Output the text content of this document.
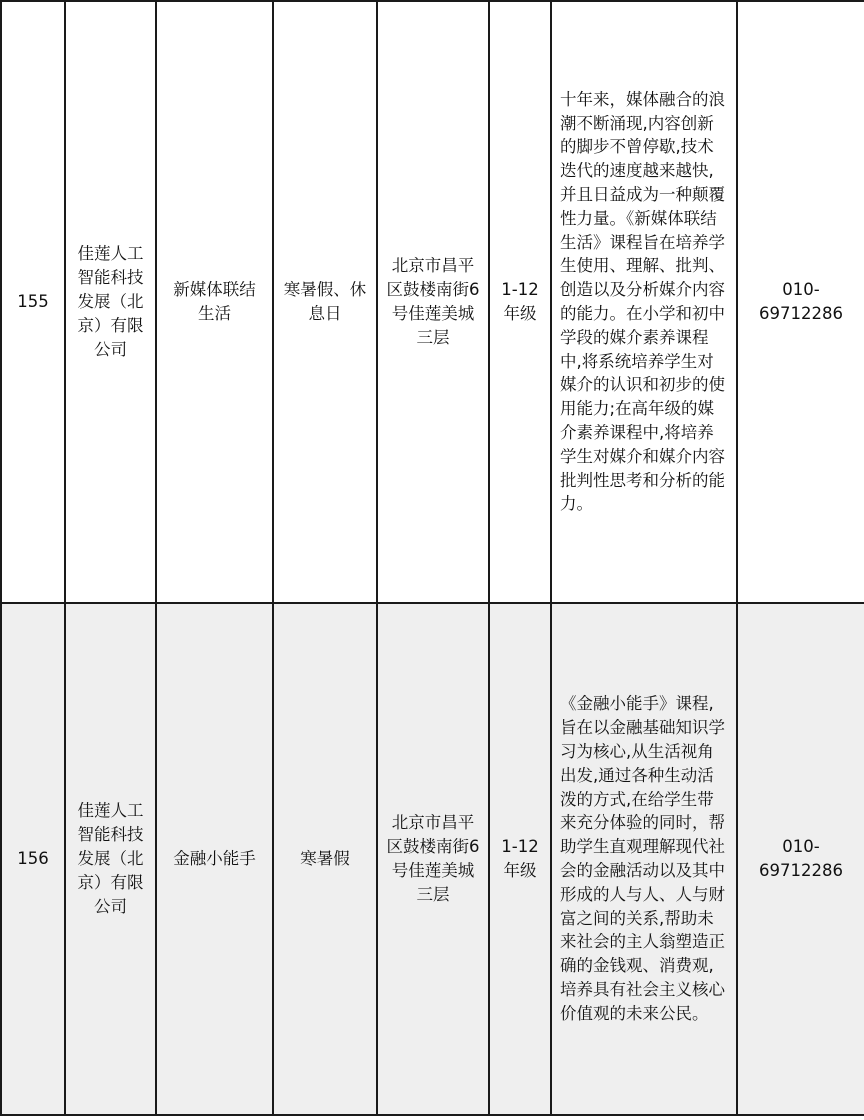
155	佳莲人工
智能科技
发展（北
京）有限
公司	新媒体联结
生活	寒暑假、休
息日	北京市昌平
区鼓楼南街6
号佳莲美城
三层	1-12
年级	十年来，媒体融合的浪潮不断涌现,内容创新的脚步不曾停歇,技术迭代的速度越来越快,并且日益成为一种颠覆性力量。《新媒体联结生活》课程旨在培养学生使用、理解、批判、创造以及分析媒介内容的能力。在小学和初中学段的媒介素养课程中,将系统培养学生对媒介的认识和初步的使用能力;在高年级的媒介素养课程中,将培养学生对媒介和媒介内容批判性思考和分析的能力。	010-
69712286
156	佳莲人工
智能科技
发展（北
京）有限
公司	金融小能手	寒暑假	北京市昌平
区鼓楼南街6
号佳莲美城
三层	1-12
年级	《金融小能手》课程,旨在以金融基础知识学习为核心,从生活视角出发,通过各种生动活泼的方式,在给学生带来充分体验的同时，帮助学生直观理解现代社会的金融活动以及其中形成的人与人、人与财富之间的关系,帮助未来社会的主人翁塑造正确的金钱观、消费观,培养具有社会主义核心价值观的未来公民。	010-
69712286
